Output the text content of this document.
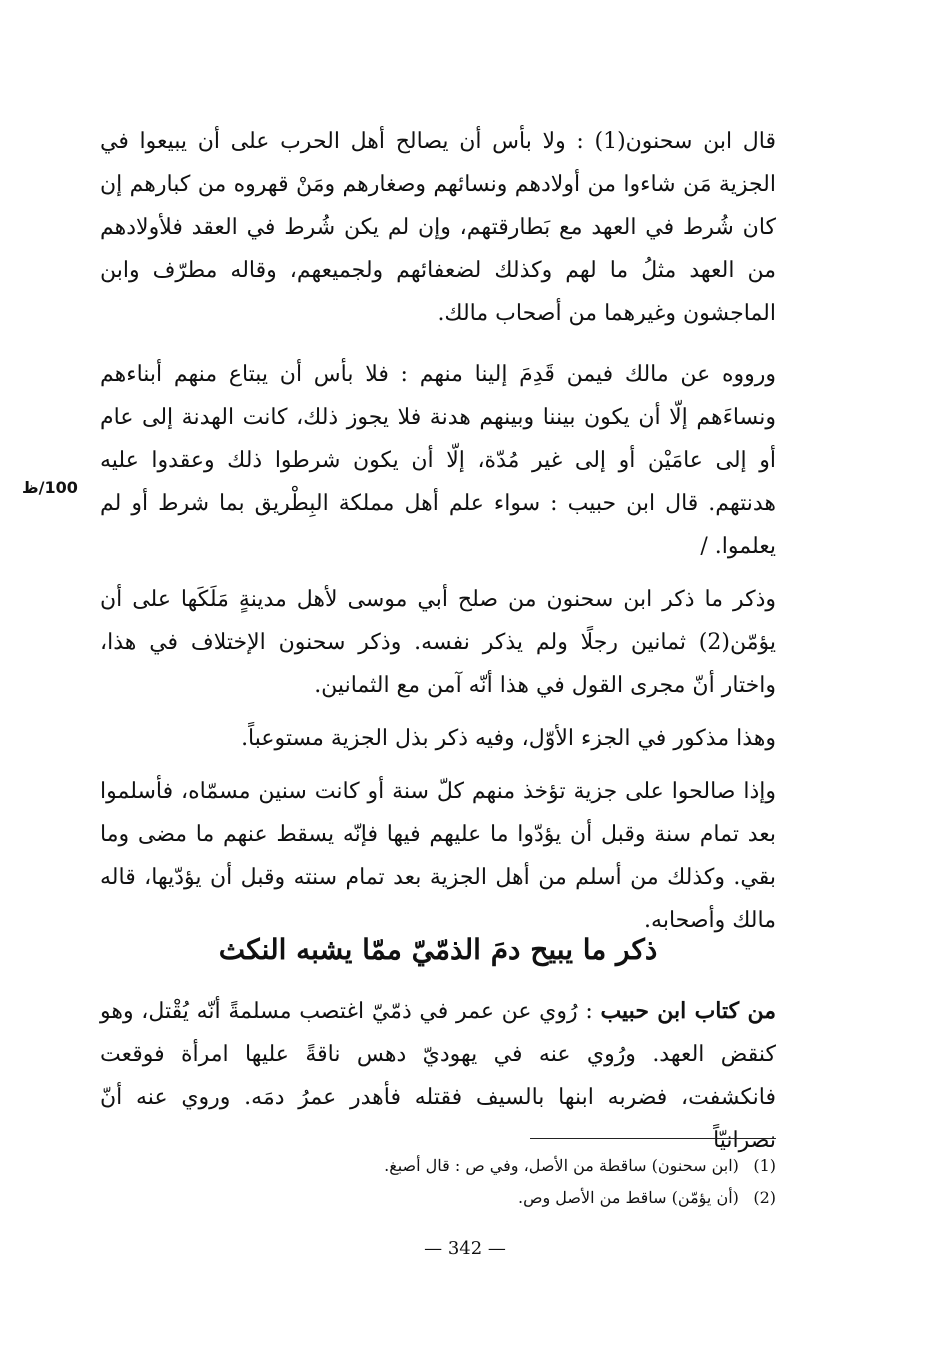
قال ابن سحنون(1) : ولا بأس أن يصالح أهل الحرب على أن يبيعوا في الجزية مَن شاءوا من أولادهم ونسائهم وصغارهم ومَنْ قهروه من كبارهم إن كان شُرط في العهد مع بَطارقتهم، وإن لم يكن شُرط في العقد فلأولادهم من العهد مثلُ ما لهم وكذلك لضعفائهم ولجميعهم، وقاله مطرّف وابن الماجشون وغيرهما من أصحاب مالك.

ورووه عن مالك فيمن قَدِمَ إلينا منهم : فلا بأس أن يبتاع منهم أبناءهم ونساءَهم إلّا أن يكون بيننا وبينهم هدنة فلا يجوز ذلك، كانت الهدنة إلى عام أو إلى عامَيْن أو إلى غير مُدّة، إلّا أن يكون شرطوا ذلك وعقدوا عليه هدنتهم. قال ابن حبيب : سواء علم أهل مملكة البِطْريق بما شرط أو لم يعلموا. /

وذكر ما ذكر ابن سحنون من صلح أبي موسى لأهل مدينةٍ مَلَكَها على أن يؤمّن(2) ثمانين رجلًا ولم يذكر نفسه. وذكر سحنون الإختلاف في هذا، واختار أنّ مجرى القول في هذا أنّه آمن مع الثمانين.

وهذا مذكور في الجزء الأوّل، وفيه ذكر بذل الجزية مستوعباً.

وإذا صالحوا على جزية تؤخذ منهم كلّ سنة أو كانت سنين مسمّاه، فأسلموا بعد تمام سنة وقبل أن يؤدّوا ما عليهم فيها فإنّه يسقط عنهم ما مضى وما بقي. وكذلك من أسلم من أهل الجزية بعد تمام سنته وقبل أن يؤدّيها، قاله مالك وأصحابه.

100/ظ
ذكر ما يبيح دمَ الذمّيّ ممّا يشبه النكث

من كتاب ابن حبيب : رُوي عن عمر في ذمّيّ اغتصب مسلمةً أنّه يُقْتل، وهو كنقض العهد. ورُوي عنه في يهوديّ دهس ناقةً عليها امرأة فوقعت فانكشفت، فضربه ابنها بالسيف فقتله فأهدر عمرُ دمَه. وروي عنه أنّ نصرانيّاً

(1) (ابن سحنون) ساقطة من الأصل، وفي ص : قال أصبغ.

(2) (أن يؤمّن) ساقط من الأصل وص.

— 342 —
